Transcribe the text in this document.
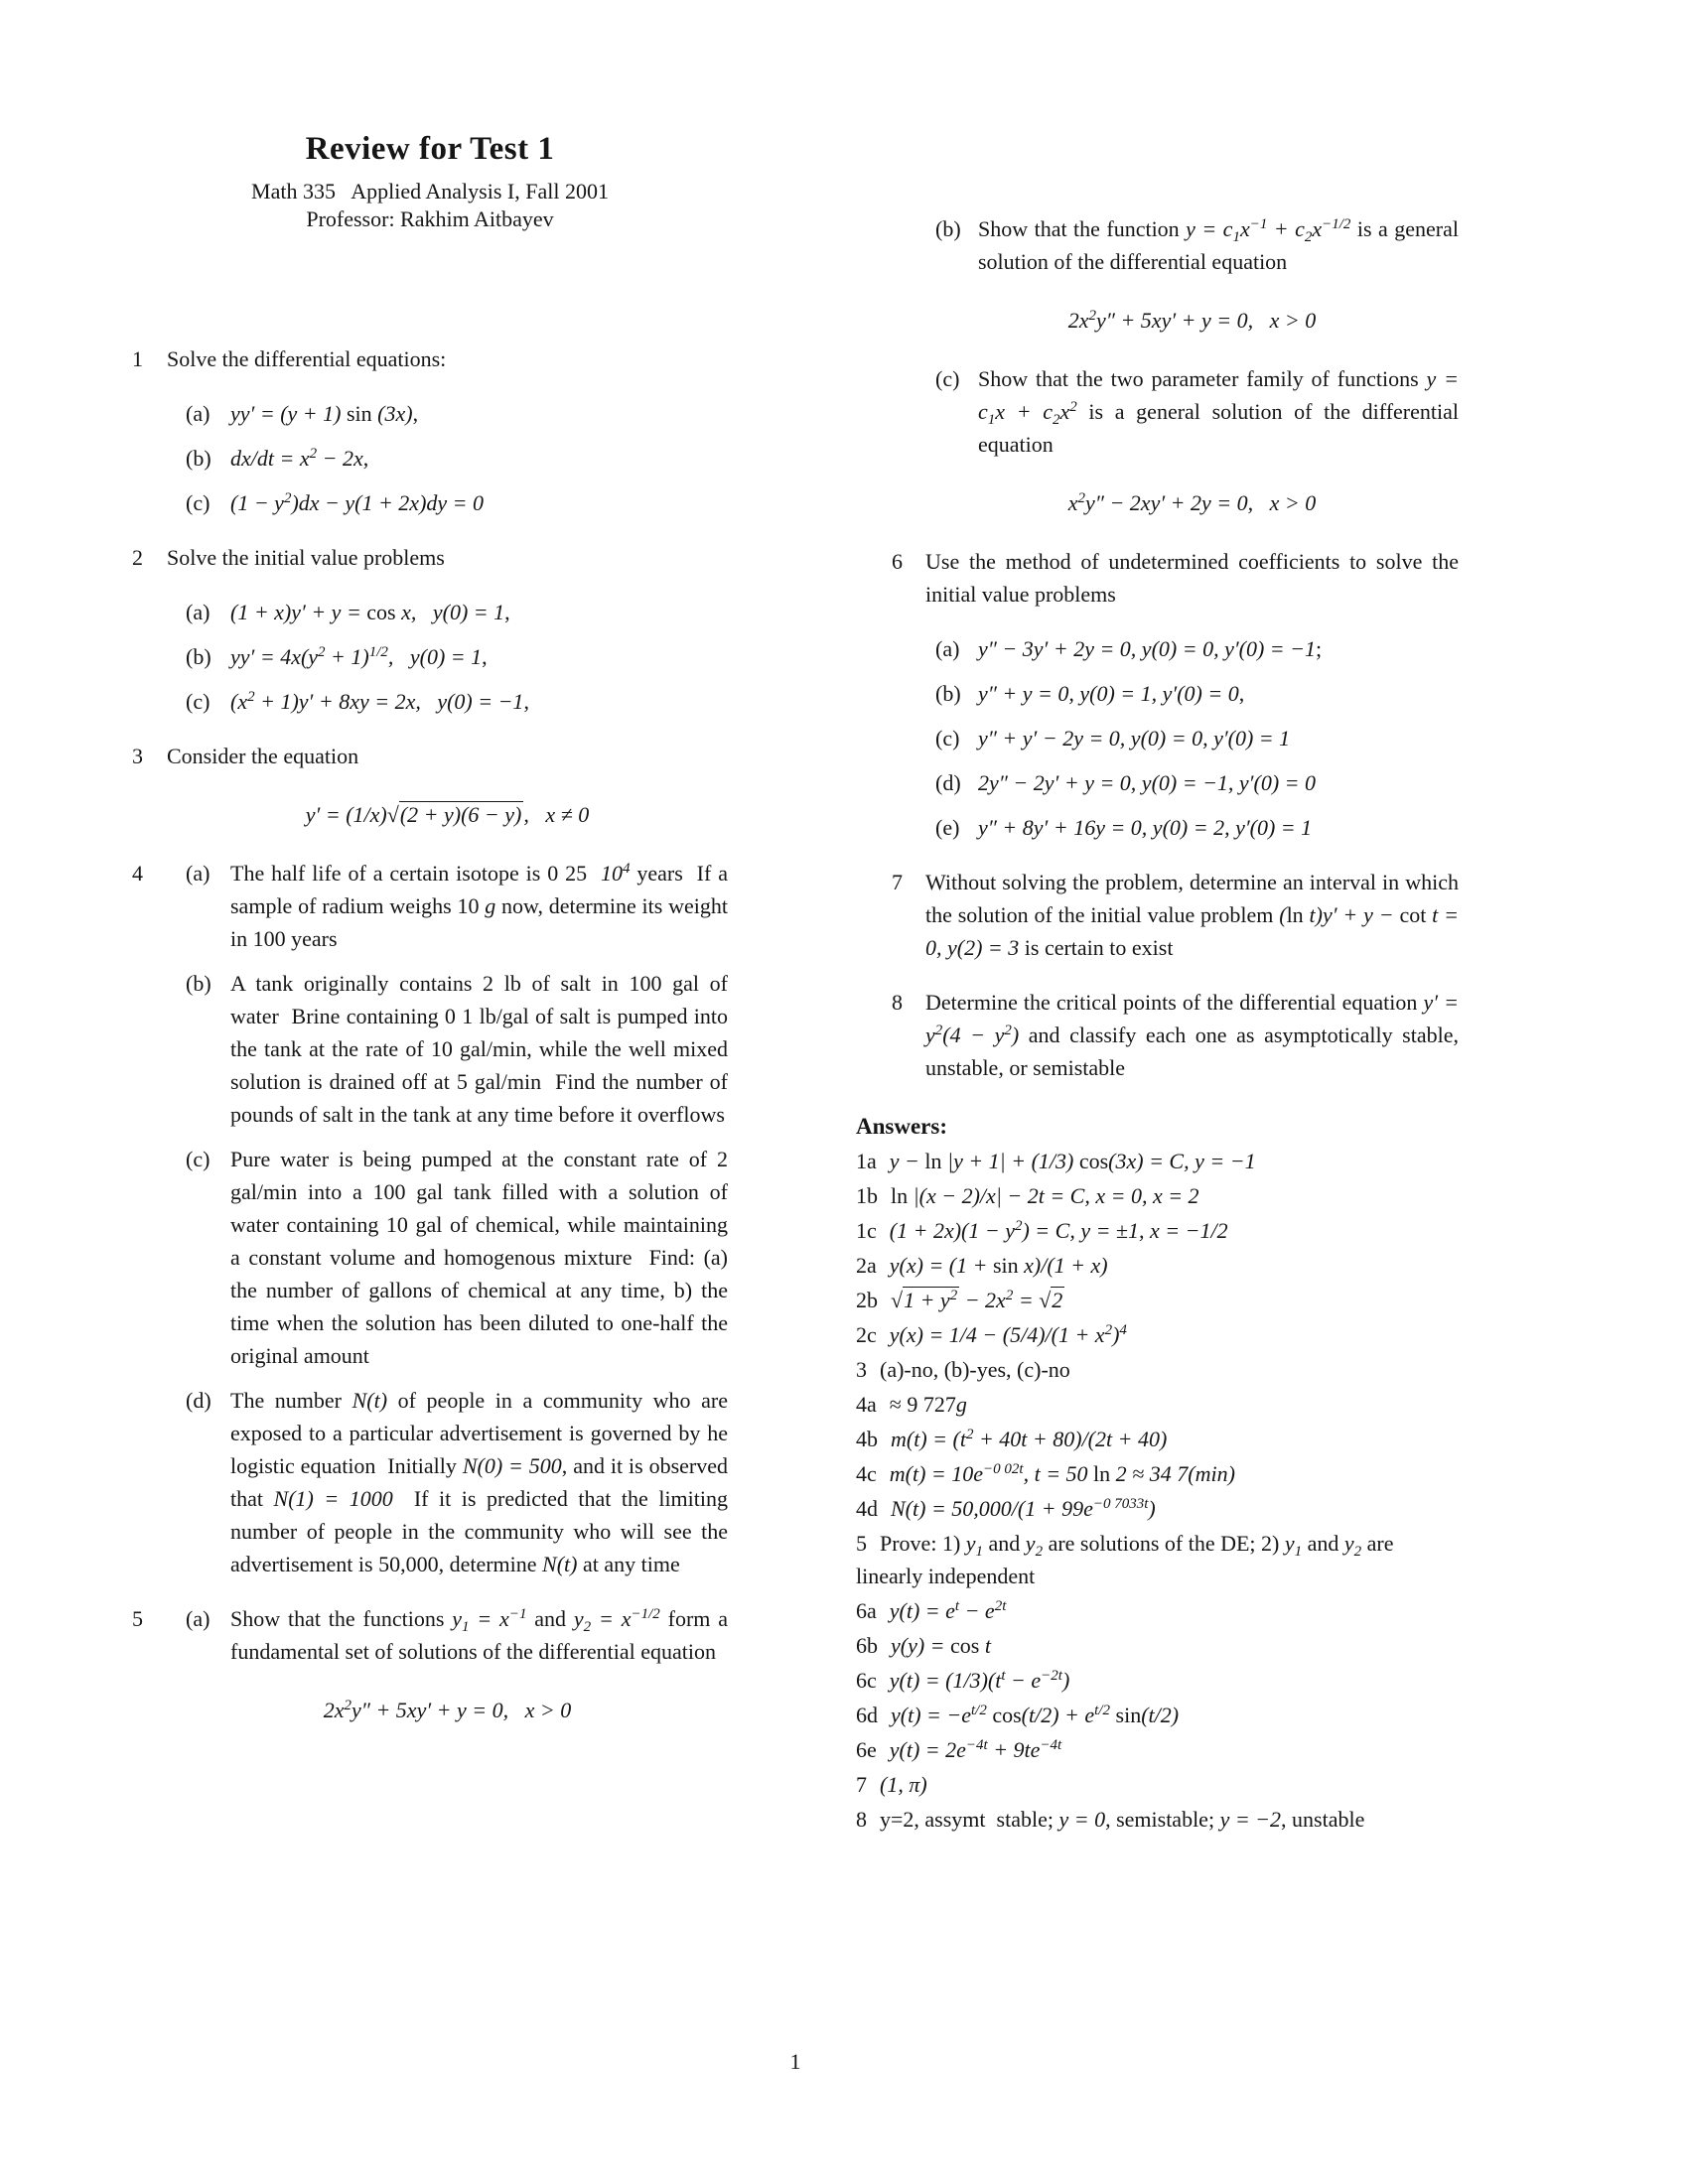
Review for Test 1
Math 335   Applied Analysis I, Fall 2001
Professor: Rakhim Aitbayev
1 Solve the differential equations:
(a) yy′ = (y + 1) sin (3x),
(b) $dx/dt = x^2 - 2x$,
(c) $(1 - y^2)dx - y(1 + 2x)dy = 0$
2 Solve the initial value problems
(a) (1 + x)y′ + y = cos x,   y(0) = 1,
(b) $yy' = 4x(y^2 + 1)^{1/2}$,   y(0) = 1,
(c) $(x^2 + 1)y' + 8xy = 2x$,   y(0) = −1,
3 Consider the equation
y′ = (1/x)√(2 + y)(6 − y),   x ≠ 0
4 (a) The half life of a certain isotope is 0 25  $10^4$ years  If a sample of radium weighs 10 g now, determine its weight in 100 years
(b) A tank originally contains 2 lb of salt in 100 gal of water  Brine containing 0 1 lb/gal of salt is pumped into the tank at the rate of 10 gal/min, while the well mixed solution is drained off at 5 gal/min  Find the number of pounds of salt in the tank at any time before it overflows
(c) Pure water is being pumped at the constant rate of 2 gal/min into a 100 gal tank filled with a solution of water containing 10 gal of chemical, while maintaining a constant volume and homogenous mixture  Find: (a) the number of gallons of chemical at any time, b) the time when the solution has been diluted to one-half the original amount
(d) The number N(t) of people in a community who are exposed to a particular advertisement is governed by he logistic equation  Initially N(0) = 500, and it is observed that N(1) = 1000  If it is predicted that the limiting number of people in the community who will see the advertisement is 50,000, determine N(t) at any time
5 (a) Show that the functions $y_1 = x^{-1}$ and $y_2 = x^{-1/2}$ form a fundamental set of solutions of the differential equation
$2x^2y'' + 5xy' + y = 0$,   x > 0
(b) Show that the function $y = c_1x^{-1} + c_2x^{-1/2}$ is a general solution of the differential equation
$2x^2y'' + 5xy' + y = 0$,   x > 0
(c) Show that the two parameter family of functions $y = c_1x + c_2x^2$ is a general solution of the differential equation
$x^2y'' - 2xy' + 2y = 0$,   x > 0
6 Use the method of undetermined coefficients to solve the initial value problems
(a) y″ − 3y′ + 2y = 0, y(0) = 0, y′(0) = −1;
(b) y″ + y = 0, y(0) = 1, y′(0) = 0,
(c) y″ + y′ − 2y = 0, y(0) = 0, y′(0) = 1
(d) 2y″ − 2y′ + y = 0, y(0) = −1, y′(0) = 0
(e) y″ + 8y′ + 16y = 0, y(0) = 2, y′(0) = 1
7 Without solving the problem, determine an interval in which the solution of the initial value problem (ln t)y′ + y − cot t = 0, y(2) = 3 is certain to exist
8 Determine the critical points of the differential equation $y' = y^2(4 - y^2)$ and classify each one as asymptotically stable, unstable, or semistable
Answers:
1a y − ln |y + 1| + (1/3) cos(3x) = C, y = −1
1b ln |(x − 2)/x| − 2t = C, x = 0, x = 2
1c $(1 + 2x)(1 - y^2) = C$, y = ±1, x = −1/2
2a y(x) = (1 + sin x)/(1 + x)
2b $√1 + y^2 - 2x^2 = √2$
2c $y(x) = 1/4 - (5/4)/(1 + x^2)^4$
3 (a)-no, (b)-yes, (c)-no
4a ≈ 9 727g
4b $m(t) = (t^2 + 40t + 80)/(2t + 40)$
4c $m(t) = 10e^{-0 02t}$, t = 50 ln 2 ≈ 34 7(min)
4d $N(t) = 50,000/(1 + 99e^{-0 7033t})$
5 Prove: 1) $y_1$ and $y_2$ are solutions of the DE; 2) $y_1$ and $y_2$ are linearly independent
6a $y(t) = e^t - e^{2t}$
6b y(y) = cos t
6c $y(t) = (1/3)(t^t - e^{-2t})$
6d $y(t) = -e^{t/2}$ $\cos(t/2) + e^{t/2}$ sin(t/2)
6e $y(t) = 2e^{-4t} + 9te^{-4t}$
7 (1, π)
8 y=2, assymt  stable; y = 0, semistable; y = −2, unstable
1
